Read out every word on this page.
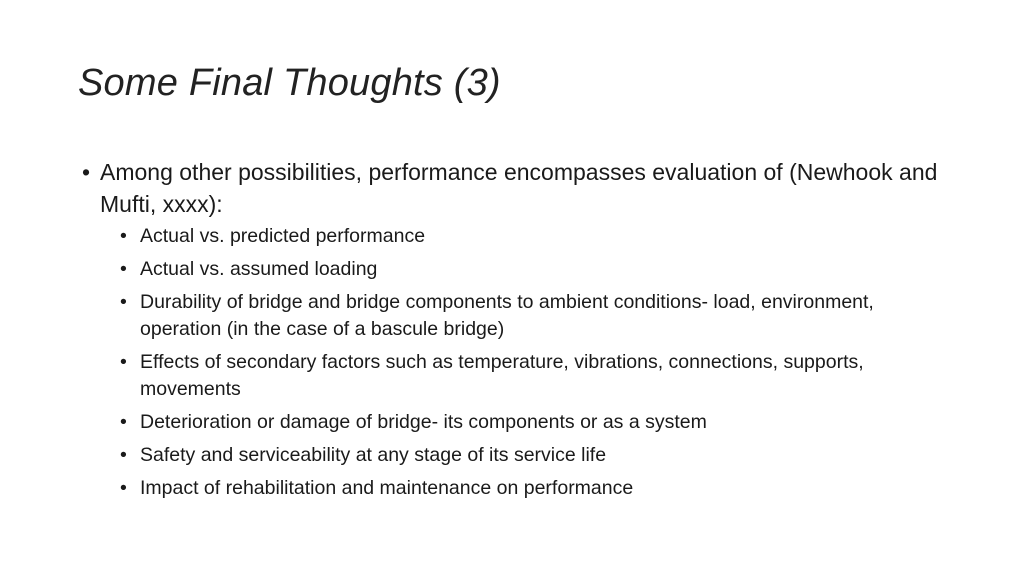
Some Final Thoughts (3)
• Among other possibilities, performance encompasses evaluation of (Newhook and Mufti, xxxx):
• Actual vs. predicted performance
• Actual vs. assumed loading
• Durability of bridge and bridge components to ambient conditions- load, environment, operation (in the case of a bascule bridge)
• Effects of secondary factors such as temperature, vibrations, connections, supports, movements
• Deterioration or damage of bridge- its components or as a system
• Safety and serviceability at any stage of its service life
• Impact of rehabilitation and maintenance on performance
